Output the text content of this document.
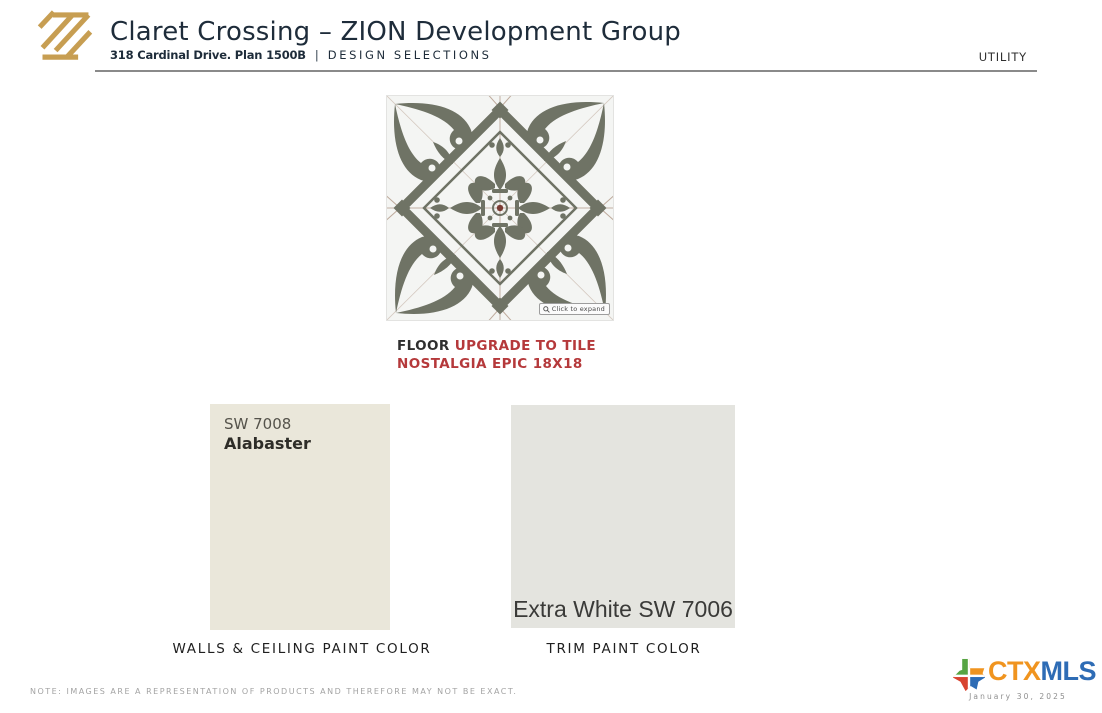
Claret Crossing – ZION Development Group
318 Cardinal Drive. Plan 1500B | DESIGN SELECTIONS	UTILITY
Click to expand
FLOOR UPGRADE TO TILE
NOSTALGIA EPIC 18X18
SW 7008
Alabaster
Extra White SW 7006
WALLS & CEILING PAINT COLOR	TRIM PAINT COLOR
NOTE: IMAGES ARE A REPRESENTATION OF PRODUCTS AND THEREFORE MAY NOT BE EXACT.
CTXMLS
January 30, 2025
